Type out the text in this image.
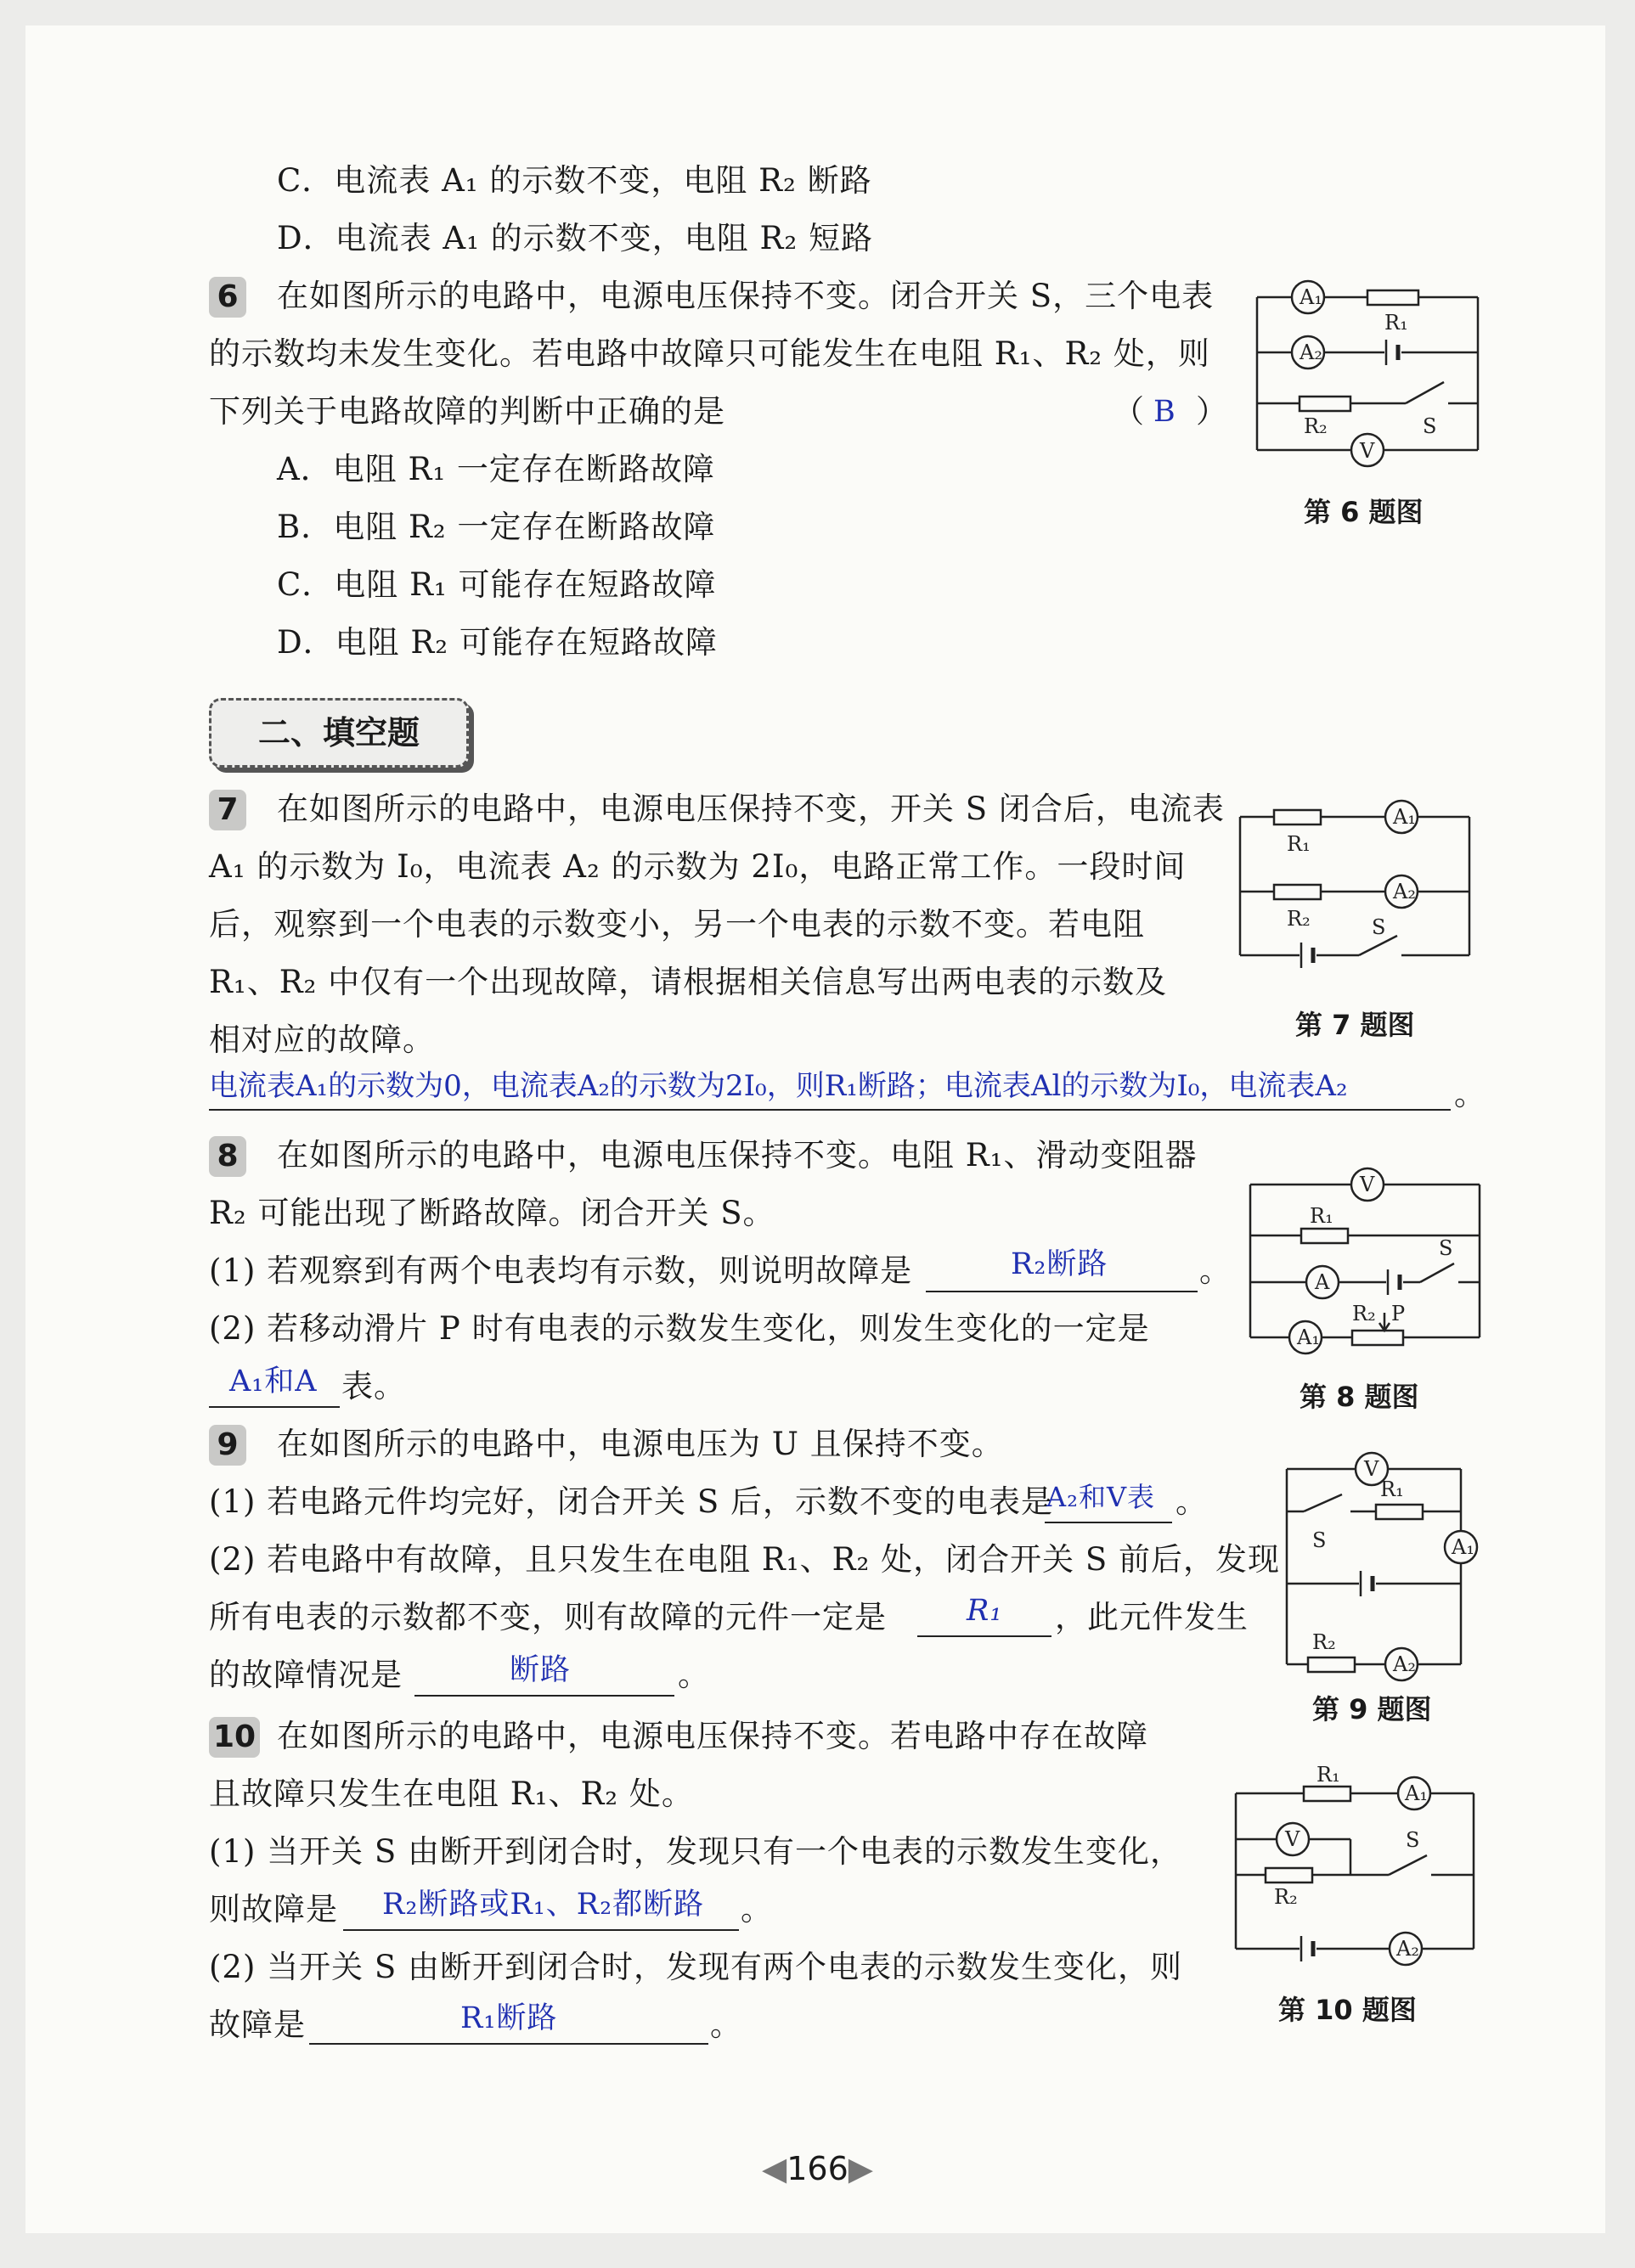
C．电流表 A₁ 的示数不变，电阻 R₂ 断路
D．电流表 A₁ 的示数不变，电阻 R₂ 短路
6 在如图所示的电路中，电源电压保持不变。闭合开关 S，三个电表
的示数均未发生变化。若电路中故障只可能发生在电阻 R₁、R₂ 处，则
下列关于电路故障的判断中正确的是	（ B ）
A．电阻 R₁ 一定存在断路故障
B．电阻 R₂ 一定存在断路故障
C．电阻 R₁ 可能存在短路故障
D．电阻 R₂ 可能存在短路故障
A₁
R₁
A₂
R₂	S
V
第 6 题图
二、填空题
7 在如图所示的电路中，电源电压保持不变，开关 S 闭合后，电流表
A₁ 的示数为 I₀，电流表 A₂ 的示数为 2I₀，电路正常工作。一段时间
后，观察到一个电表的示数变小，另一个电表的示数不变。若电阻
R₁、R₂ 中仅有一个出现故障，请根据相关信息写出两电表的示数及
相对应的故障。
电流表A₁的示数为0，电流表A₂的示数为2I₀，则R₁断路；电流表Al的示数为I₀，电流表A₂	。
R₁
A₁
R₂
A₂
S
第 7 题图
8 在如图所示的电路中，电源电压保持不变。电阻 R₁、滑动变阻器
R₂ 可能出现了断路故障。闭合开关 S。
(1) 若观察到有两个电表均有示数，则说明故障是	R₂断路	。
(2) 若移动滑片 P 时有电表的示数发生变化，则发生变化的一定是
A₁和A 表。
V
R₁
A
S
A₁
R₂ P
第 8 题图
9 在如图所示的电路中，电源电压为 U 且保持不变。
(1) 若电路元件均完好，闭合开关 S 后，示数不变的电表是
A₂和V表 。
(2) 若电路中有故障，且只发生在电阻 R₁、R₂ 处，闭合开关 S 前后，发现
所有电表的示数都不变，则有故障的元件一定是	R₁ ，此元件发生
的故障情况是	断路	。
V
S
R₁
A₁
R₂
A₂
第 9 题图
10 在如图所示的电路中，电源电压保持不变。若电路中存在故障
且故障只发生在电阻 R₁、R₂ 处。
(1) 当开关 S 由断开到闭合时，发现只有一个电表的示数发生变化，
则故障是 R₂断路或R₁、R₂都断路 。
(2) 当开关 S 由断开到闭合时，发现有两个电表的示数发生变化，则
故障是	R₁断路	。
R₁
A₁
V
R₂
S
A₂
第 10 题图
◀166▶
